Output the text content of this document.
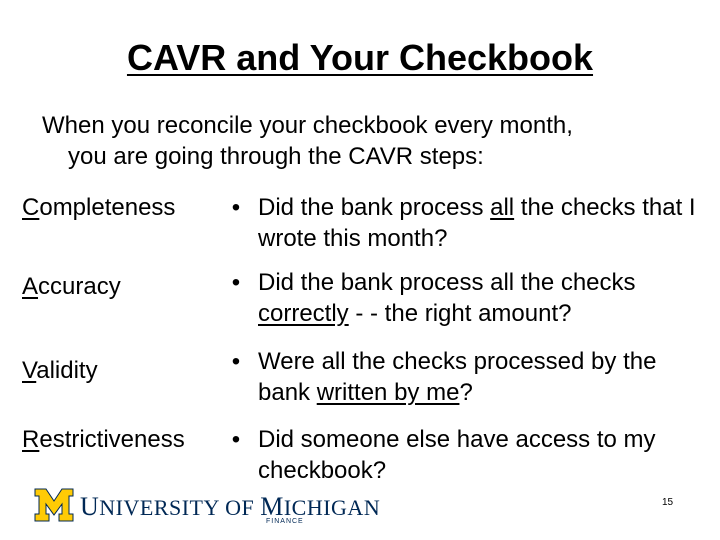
CAVR and Your Checkbook
When you reconcile your checkbook every month,
you are going through the CAVR steps:
Completeness • Did the bank process all the checks that I wrote this month?
Accuracy	• Did the bank process all the checks correctly - - the right amount?
Validity	• Were all the checks processed by the bank written by me?
Restrictiveness • Did someone else have access to my checkbook?
UNIVERSITY OF MICHIGAN
FINANCE
15
